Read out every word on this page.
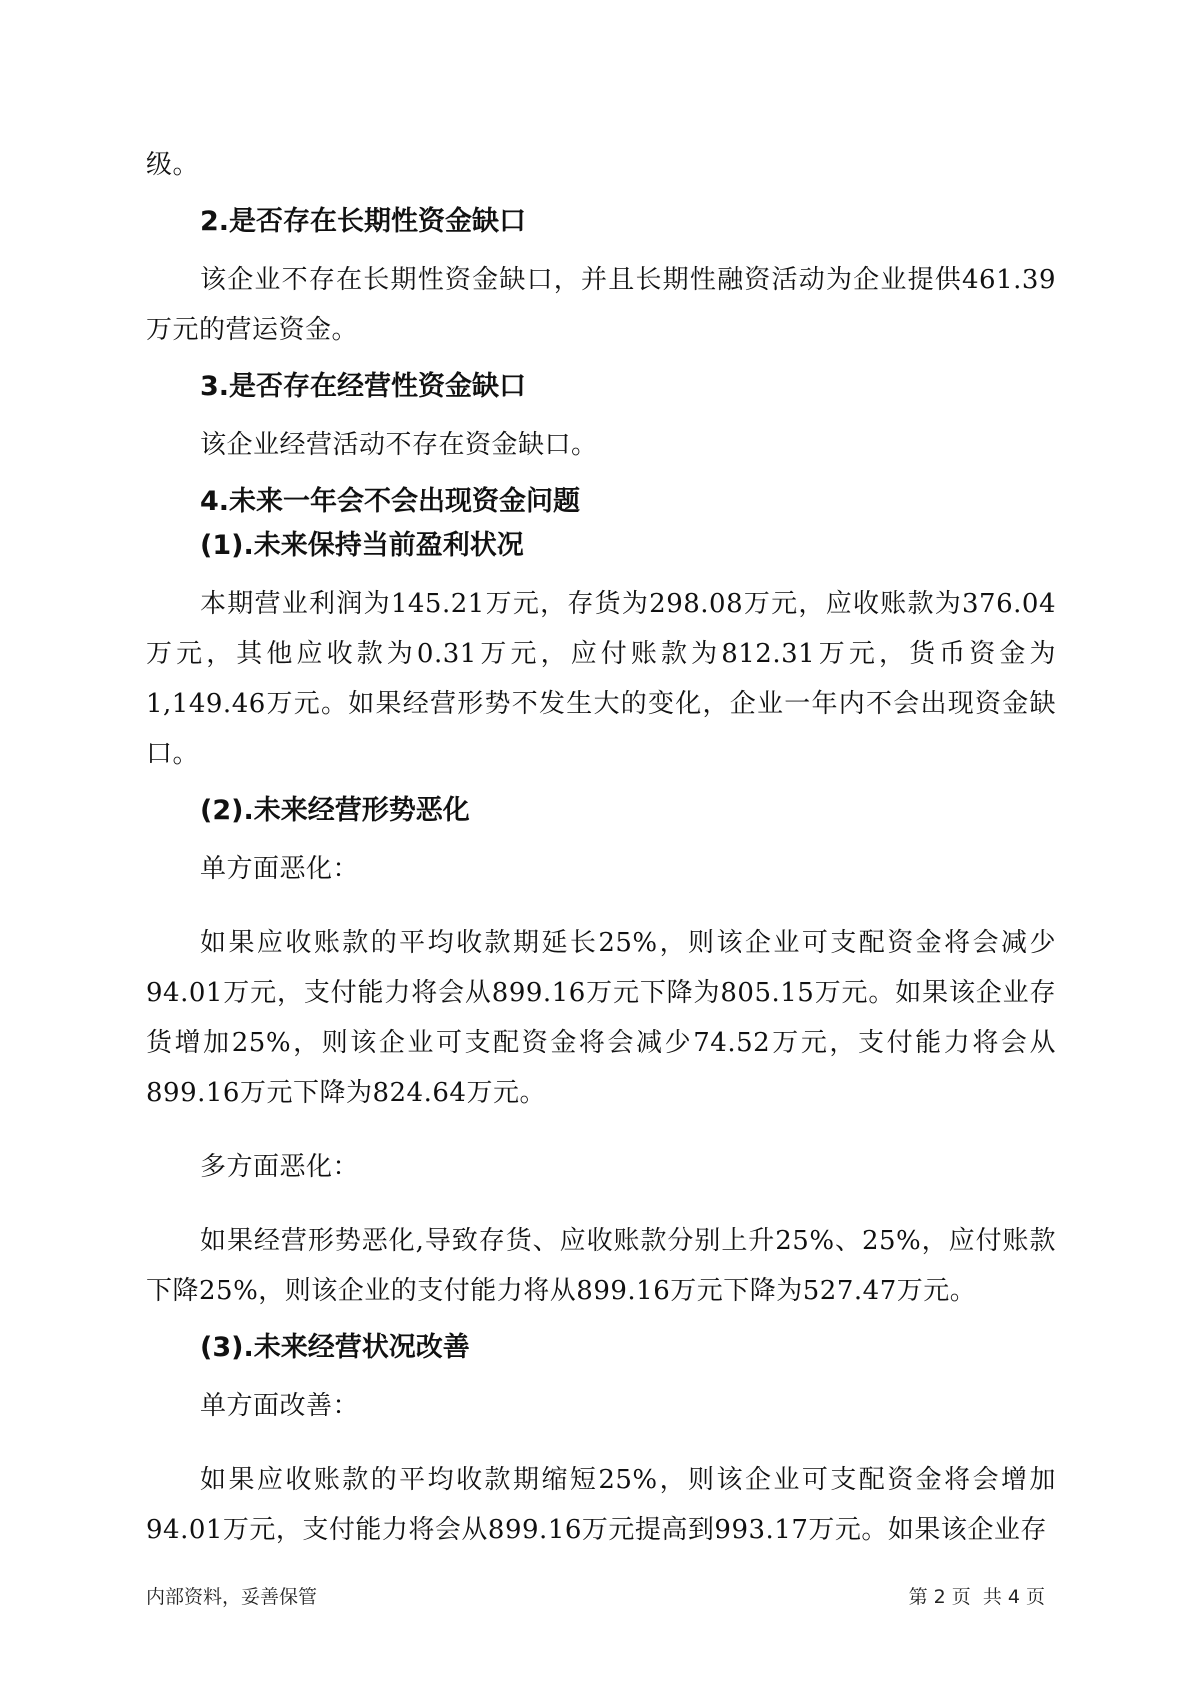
级。

2.是否存在长期性资金缺口

该企业不存在长期性资金缺口，并且长期性融资活动为企业提供461.39万元的营运资金。

3.是否存在经营性资金缺口

该企业经营活动不存在资金缺口。

4.未来一年会不会出现资金问题
(1).未来保持当前盈利状况

本期营业利润为145.21万元，存货为298.08万元，应收账款为376.04万元，其他应收款为0.31万元，应付账款为812.31万元，货币资金为1,149.46万元。如果经营形势不发生大的变化，企业一年内不会出现资金缺口。

(2).未来经营形势恶化

单方面恶化：

如果应收账款的平均收款期延长25%，则该企业可支配资金将会减少94.01万元，支付能力将会从899.16万元下降为805.15万元。如果该企业存货增加25%，则该企业可支配资金将会减少74.52万元，支付能力将会从899.16万元下降为824.64万元。

多方面恶化：

如果经营形势恶化,导致存货、应收账款分别上升25%、25%，应付账款下降25%，则该企业的支付能力将从899.16万元下降为527.47万元。

(3).未来经营状况改善

单方面改善：

如果应收账款的平均收款期缩短25%，则该企业可支配资金将会增加94.01万元，支付能力将会从899.16万元提高到993.17万元。如果该企业存

内部资料，妥善保管	第 2 页  共 4 页
